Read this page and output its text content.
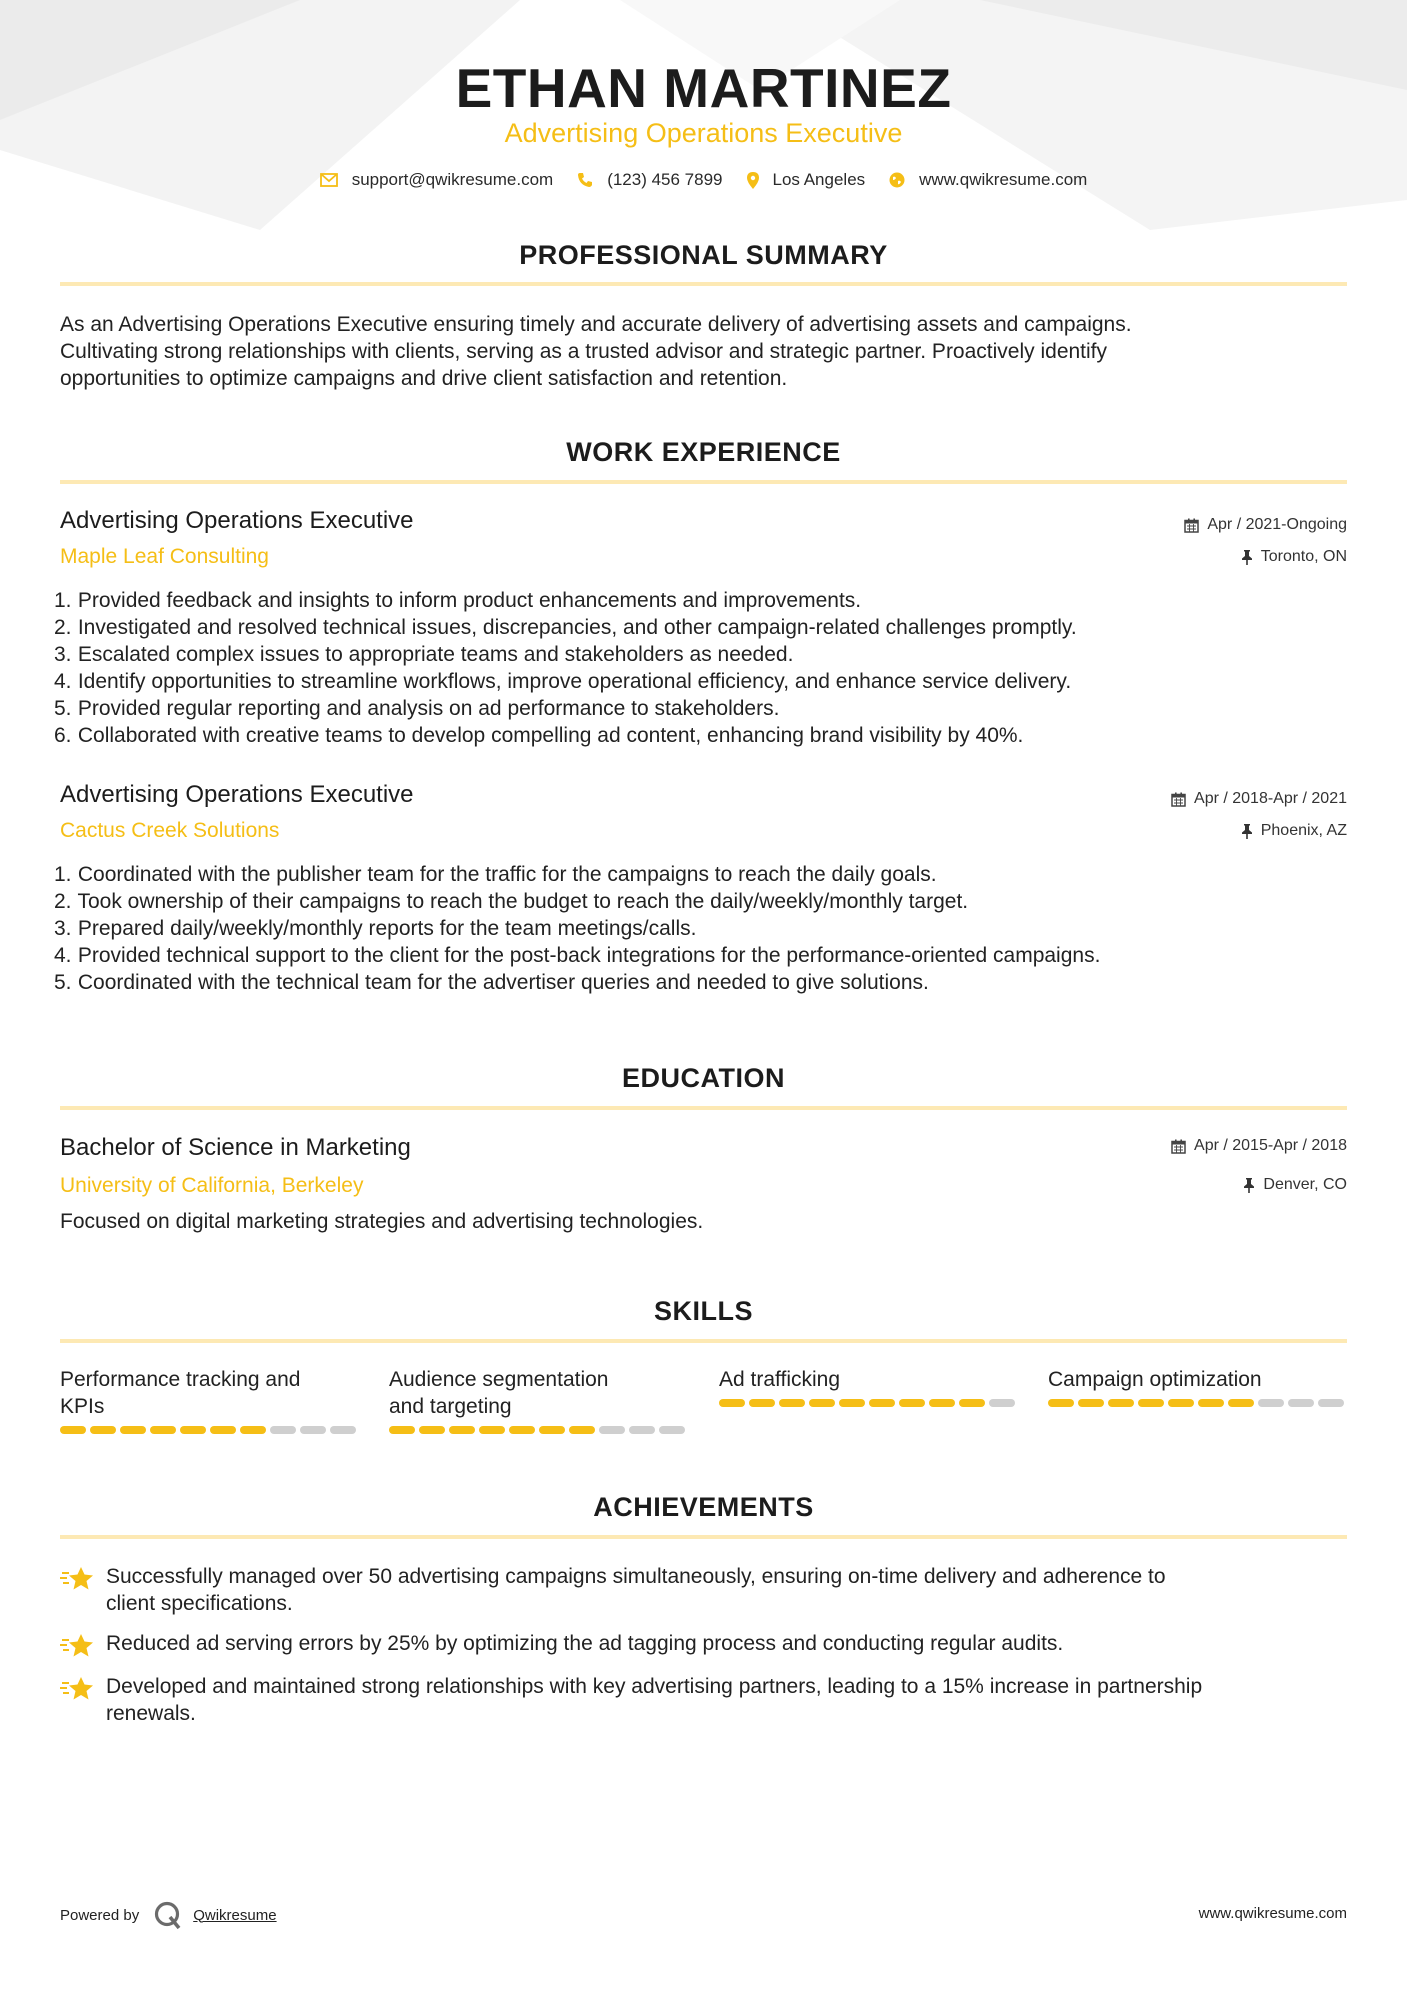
ETHAN MARTINEZ
Advertising Operations Executive
support@qwikresume.com	(123) 456 7899	Los Angeles	www.qwikresume.com
PROFESSIONAL SUMMARY
As an Advertising Operations Executive ensuring timely and accurate delivery of advertising assets and campaigns.
Cultivating strong relationships with clients, serving as a trusted advisor and strategic partner. Proactively identify
opportunities to optimize campaigns and drive client satisfaction and retention.
WORK EXPERIENCE
Advertising Operations Executive	Apr / 2021-Ongoing
Maple Leaf Consulting	Toronto, ON
1. Provided feedback and insights to inform product enhancements and improvements.
2. Investigated and resolved technical issues, discrepancies, and other campaign-related challenges promptly.
3. Escalated complex issues to appropriate teams and stakeholders as needed.
4. Identify opportunities to streamline workflows, improve operational efficiency, and enhance service delivery.
5. Provided regular reporting and analysis on ad performance to stakeholders.
6. Collaborated with creative teams to develop compelling ad content, enhancing brand visibility by 40%.
Advertising Operations Executive	Apr / 2018-Apr / 2021
Cactus Creek Solutions	Phoenix, AZ
1. Coordinated with the publisher team for the traffic for the campaigns to reach the daily goals.
2. Took ownership of their campaigns to reach the budget to reach the daily/weekly/monthly target.
3. Prepared daily/weekly/monthly reports for the team meetings/calls.
4. Provided technical support to the client for the post-back integrations for the performance-oriented campaigns.
5. Coordinated with the technical team for the advertiser queries and needed to give solutions.
EDUCATION
Bachelor of Science in Marketing	Apr / 2015-Apr / 2018
University of California, Berkeley	Denver, CO
Focused on digital marketing strategies and advertising technologies.
SKILLS
Performance tracking and
KPIs
Audience segmentation
and targeting
Ad trafficking	Campaign optimization
ACHIEVEMENTS
Successfully managed over 50 advertising campaigns simultaneously, ensuring on-time delivery and adherence to
client specifications.
Reduced ad serving errors by 25% by optimizing the ad tagging process and conducting regular audits.
Developed and maintained strong relationships with key advertising partners, leading to a 15% increase in partnership
renewals.
Powered by	Qwikresume	www.qwikresume.com
